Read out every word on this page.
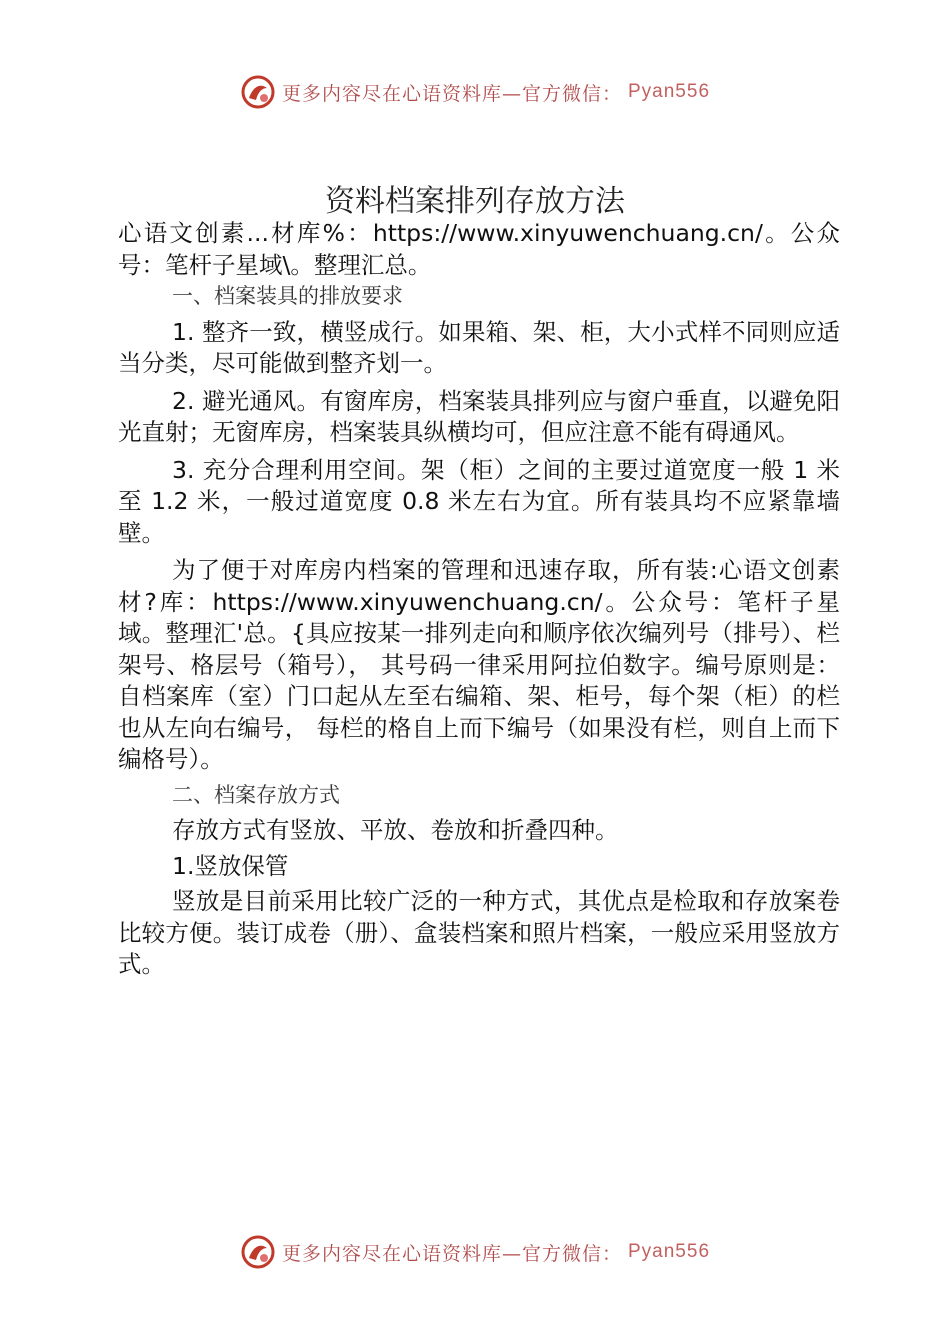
更多内容尽在心语资料库—官方微信： Pyan556
资料档案排列存放方法

心语文创素...材库%：https://www.xinyuwenchuang.cn/。公众号：笔杆子星域\。整理汇总。

一、档案装具的排放要求

1. 整齐一致，横竖成行。如果箱、架、柜，大小式样不同则应适当分类，尽可能做到整齐划一。

2. 避光通风。有窗库房，档案装具排列应与窗户垂直，以避免阳光直射；无窗库房，档案装具纵横均可，但应注意不能有碍通风。

3. 充分合理利用空间。架（柜）之间的主要过道宽度一般 1 米至 1.2 米，一般过道宽度 0.8 米左右为宜。所有装具均不应紧靠墙壁。

为了便于对库房内档案的管理和迅速存取，所有装:心语文创素材?库：https://www.xinyuwenchuang.cn/。公众号：笔杆子星域。整理汇'总。{具应按某一排列走向和顺序依次编列号（排号）、栏架号、格层号（箱号）， 其号码一律采用阿拉伯数字。编号原则是：自档案库（室）门口起从左至右编箱、架、柜号，每个架（柜）的栏也从左向右编号， 每栏的格自上而下编号（如果没有栏，则自上而下编格号）。

二、档案存放方式

存放方式有竖放、平放、卷放和折叠四种。

1.竖放保管

竖放是目前采用比较广泛的一种方式，其优点是检取和存放案卷比较方便。装订成卷（册）、盒装档案和照片档案，一般应采用竖放方式。

更多内容尽在心语资料库—官方微信： Pyan556
